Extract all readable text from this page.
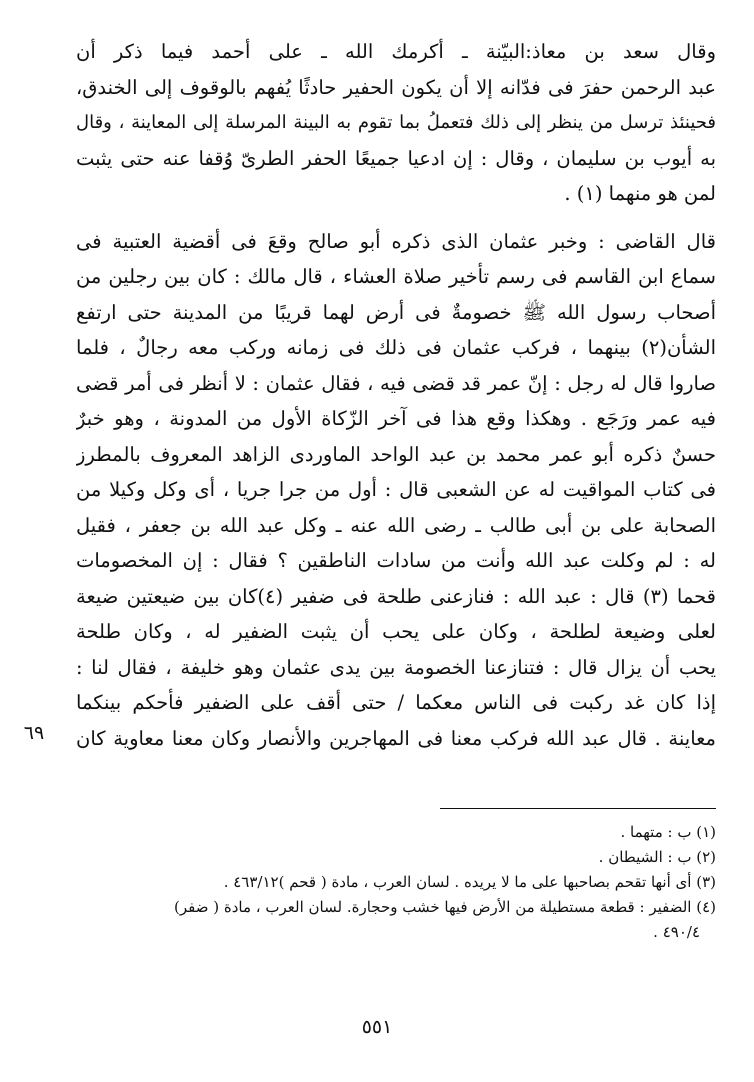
وقال سعد بن معاذ:البيّنة ـ أكرمك الله ـ على أحمد فيما ذكر أن
عبد الرحمن حفرَ فى فدّانه إلا أن يكون الحفير حادثًا يُفهم بالوقوف إلى الخندق،
فحينئذ ترسل من ينظر إلى ذلك فتعملُ بما تقوم به البينة المرسلة إلى المعاينة ، وقال
به أيوب بن سليمان ، وقال : إن ادعيا جميعًا الحفر الطرىّ وُقفا عنه حتى يثبت
لمن هو منهما (١) .
قال القاضى : وخبر عثمان الذى ذكره أبو صالح وقعَ فى أقضية العتبية فى
سماع ابن القاسم فى رسم تأخير صلاة العشاء ، قال مالك : كان بين رجلين من
أصحاب رسول الله ﷺ خصومةٌ فى أرض لهما قريبًا من المدينة حتى ارتفع
الشأن(٢) بينهما ، فركب عثمان فى ذلك فى زمانه وركب معه رجالٌ ، فلما
صاروا قال له رجل : إنّ عمر قد قضى فيه ، فقال عثمان : لا أنظر فى أمر قضى
فيه عمر ورَجَع . وهكذا وقع هذا فى آخر الزّكاة الأول من المدونة ، وهو خبرٌ
حسنٌ ذكره أبو عمر محمد بن عبد الواحد الماوردى الزاهد المعروف بالمطرز
فى كتاب المواقيت له عن الشعبى قال : أول من جرا جريا ، أى وكل وكيلا من
الصحابة على بن أبى طالب ـ رضى الله عنه ـ وكل عبد الله بن جعفر ، فقيل
له : لم وكلت عبد الله وأنت من سادات الناطقين ؟ فقال : إن المخصومات
قحما (٣) قال : عبد الله : فنازعنى طلحة فى ضفير (٤)كان بين ضيعتين ضيعة
لعلى وضيعة لطلحة ، وكان على يحب أن يثبت الضفير له ، وكان طلحة
يحب أن يزال قال : فتنازعنا الخصومة بين يدى عثمان وهو خليفة ، فقال لنا :
إذا كان غد ركبت فى الناس معكما / حتى أقف على الضفير فأحكم بينكما
معاينة . قال عبد الله فركب معنا فى المهاجرين والأنصار وكان معنا معاوية كان
٦٩
(١) ب : متهما .
(٢) ب : الشيطان .
(٣) أى أنها تقحم بصاحبها على ما لا يريده . لسان العرب ، مادة ( قحم )٤٦٣/١٢ .
(٤) الضفير : قطعة مستطيلة من الأرض فيها خشب وحجارة. لسان العرب ، مادة ( ضفر)
٤٩٠/٤ .
٥٥١
